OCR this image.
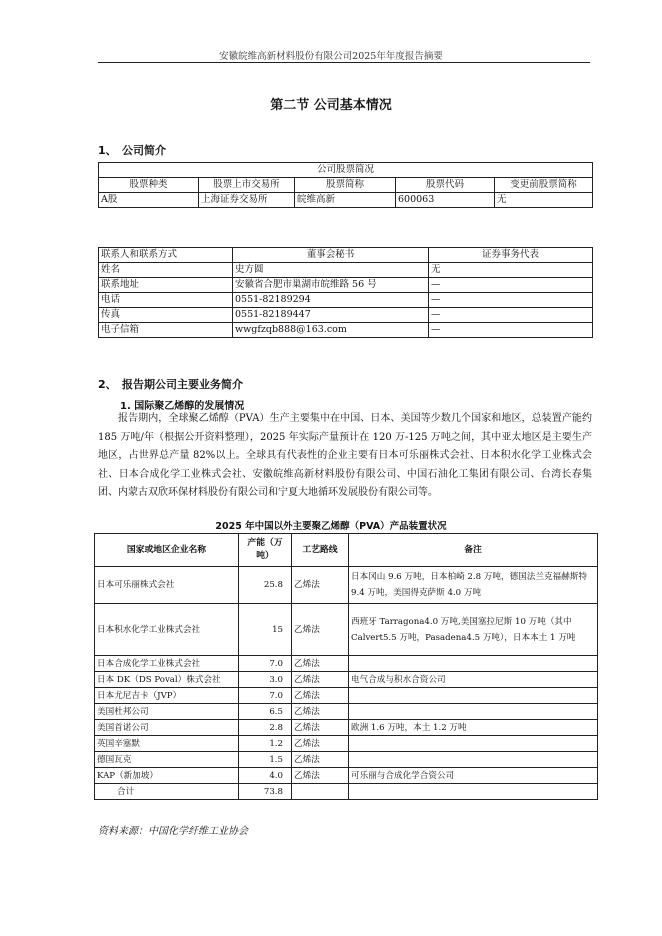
安徽皖维高新材料股份有限公司2025年年度报告摘要
第二节 公司基本情况
1、 公司简介
公司股票简况				
股票种类	股票上市交易所	股票简称	股票代码	变更前股票简称
A股	上海证券交易所	皖维高新	600063	无
联系人和联系方式	董事会秘书	证券事务代表
姓名	史方圆	无
联系地址	安徽省合肥市巢湖市皖维路 56 号	—
电话	0551-82189294	—
传真	0551-82189447	—
电子信箱	wwgfzqb888@163.com	—
2、 报告期公司主要业务简介
1. 国际聚乙烯醇的发展情况
报告期内，全球聚乙烯醇（PVA）生产主要集中在中国、日本、美国等少数几个国家和地区，总装置产能约 185 万吨/年（根据公开资料整理），2025 年实际产量预计在 120 万-125 万吨之间，其中亚太地区是主要生产地区，占世界总产量 82%以上。全球具有代表性的企业主要有日本可乐丽株式会社、日本积水化学工业株式会社、日本合成化学工业株式会社、安徽皖维高新材料股份有限公司、中国石油化工集团有限公司、台湾长春集团、内蒙古双欣环保材料股份有限公司和宁夏大地循环发展股份有限公司等。
2025 年中国以外主要聚乙烯醇（PVA）产品装置状况
国家或地区企业名称	产能（万吨）	工艺路线	备注
日本可乐丽株式会社	25.8	乙烯法	日本冈山 9.6 万吨，日本柏崎 2.8 万吨，德国法兰克福赫斯特 9.4 万吨，美国得克萨斯 4.0 万吨
日本积水化学工业株式会社	15	乙烯法	西班牙 Tarragona4.0 万吨,美国塞拉尼斯 10 万吨（其中 Calvert5.5 万吨，Pasadena4.5 万吨），日本本土 1 万吨
日本合成化学工业株式会社	7.0	乙烯法	
日本 DK（DS Poval）株式会社	3.0	乙烯法	电气合成与积水合资公司
日本尤尼吉卡（JVP）	7.0	乙烯法	
美国杜邦公司	6.5	乙烯法	
美国首诺公司	2.8	乙烯法	欧洲 1.6 万吨，本土 1.2 万吨
英国辛塞默	1.2	乙烯法	
德国瓦克	1.5	乙烯法	
KAP（新加坡）	4.0	乙烯法	可乐丽与合成化学合资公司
合计	73.8		
资料来源：中国化学纤维工业协会
